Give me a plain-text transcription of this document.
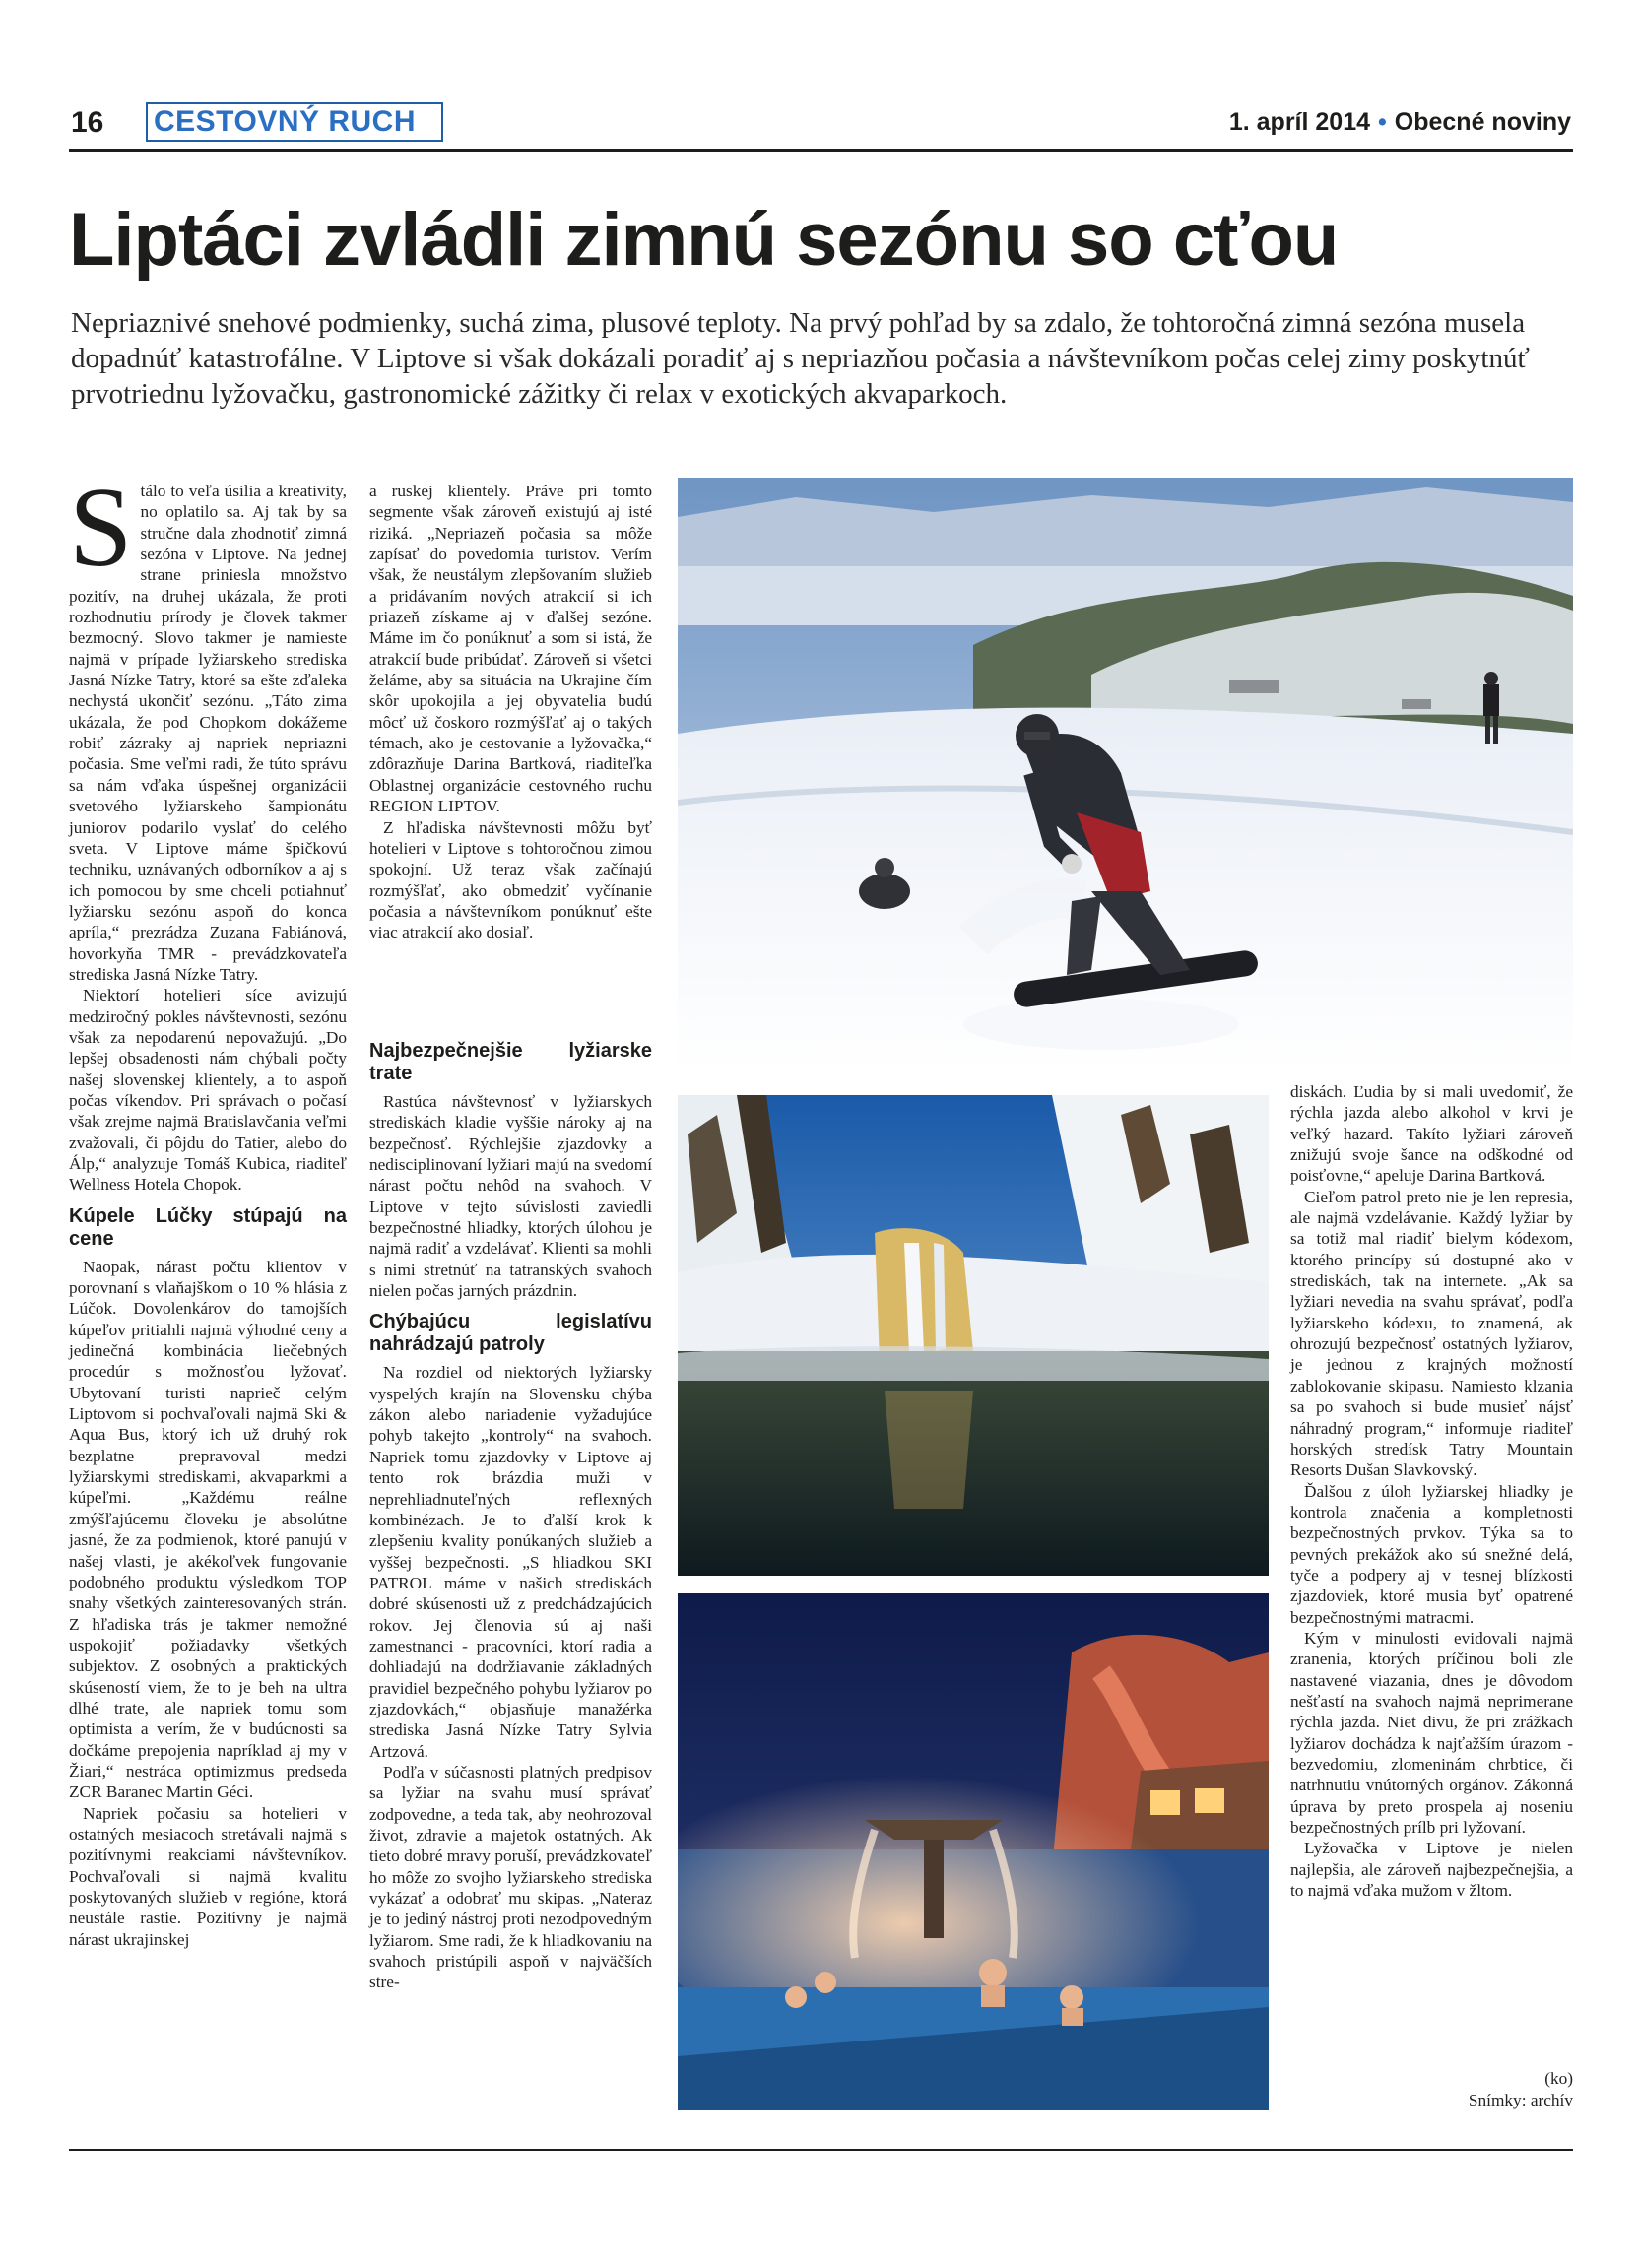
16 CESTOVNÝ RUCH	1. apríl 2014 • Obecné noviny
Liptáci zvládli zimnú sezónu so cťou

Nepriaznivé snehové podmienky, suchá zima, plusové teploty. Na prvý pohľad by sa zdalo, že tohtoročná zimná sezóna musela dopadnúť katastrofálne. V Liptove si však dokázali poradiť aj s nepriazňou počasia a návštevníkom počas celej zimy poskytnúť prvotriednu lyžovačku, gastronomické zážitky či relax v exotických akvaparkoch.

S tálo to veľa úsilia a kreativity, no oplatilo sa. Aj tak by sa stručne dala zhodnotiť zimná sezóna v Liptove. Na jednej strane priniesla množstvo pozitív, na druhej ukázala, že proti rozhodnutiu prírody je človek takmer bezmocný. Slovo takmer je namieste najmä v prípade lyžiarskeho strediska Jasná Nízke Tatry, ktoré sa ešte zďaleka nechystá ukončiť sezónu. „Táto zima ukázala, že pod Chopkom dokážeme robiť zázraky aj napriek nepriazni počasia. Sme veľmi radi, že túto správu sa nám vďaka úspešnej organizácii svetového lyžiarskeho šampionátu juniorov podarilo vyslať do celého sveta. V Liptove máme špičkovú techniku, uznávaných odborníkov a aj s ich pomocou by sme chceli potiahnuť lyžiarsku sezónu aspoň do konca apríla,“ prezrádza Zuzana Fabiánová, hovorkyňa TMR - prevádzkovateľa strediska Jasná Nízke Tatry.

Niektorí hotelieri síce avizujú medziročný pokles návštevnosti, sezónu však za nepodarenú nepovažujú. „Do lepšej obsadenosti nám chýbali počty našej slovenskej klientely, a to aspoň počas víkendov. Pri správach o počasí však zrejme najmä Bratislavčania veľmi zvažovali, či pôjdu do Tatier, alebo do Álp,“ analyzuje Tomáš Kubica, riaditeľ Wellness Hotela Chopok.

Kúpele Lúčky stúpajú na cene

Naopak, nárast počtu klientov v porovnaní s vlaňajškom o 10 % hlásia z Lúčok. Dovolenkárov do tamojších kúpeľov pritiahli najmä výhodné ceny a jedinečná kombinácia liečebných procedúr s možnosťou lyžovať. Ubytovaní turisti naprieč celým Liptovom si pochvaľovali najmä Ski & Aqua Bus, ktorý ich už druhý rok bezplatne prepravoval medzi lyžiarskymi strediskami, akvaparkmi a kúpeľmi. „Každému reálne zmýšľajúcemu človeku je absolútne jasné, že za podmienok, ktoré panujú v našej vlasti, je akékoľvek fungovanie podobného produktu výsledkom TOP snahy všetkých zainteresovaných strán. Z hľadiska trás je takmer nemožné uspokojiť požiadavky všetkých subjektov. Z osobných a praktických skúseností viem, že to je beh na ultra dlhé trate, ale napriek tomu som optimista a verím, že v budúcnosti sa dočkáme prepojenia napríklad aj my v Žiari,“ nestráca optimizmus predseda ZCR Baranec Martin Géci.

Napriek počasiu sa hotelieri v ostatných mesiacoch stretávali najmä s pozitívnymi reakciami návštevníkov. Pochvaľovali si najmä kvalitu poskytovaných služieb v regióne, ktorá neustále rastie. Pozitívny je najmä nárast ukrajinskej

a ruskej klientely. Práve pri tomto segmente však zároveň existujú aj isté riziká. „Nepriazeň počasia sa môže zapísať do povedomia turistov. Verím však, že neustálym zlepšovaním služieb a pridávaním nových atrakcií si ich priazeň získame aj v ďalšej sezóne. Máme im čo ponúknuť a som si istá, že atrakcií bude pribúdať. Zároveň si všetci želáme, aby sa situácia na Ukrajine čím skôr upokojila a jej obyvatelia budú môcť už čoskoro rozmýšľať aj o takých témach, ako je cestovanie a lyžovačka,“ zdôrazňuje Darina Bartková, riaditeľka Oblastnej organizácie cestovného ruchu REGION LIPTOV.

Z hľadiska návštevnosti môžu byť hotelieri v Liptove s tohtoročnou zimou spokojní. Už teraz však začínajú rozmýšľať, ako obmedziť vyčínanie počasia a návštevníkom ponúknuť ešte viac atrakcií ako dosiaľ.

Najbezpečnejšie lyžiarske trate

Rastúca návštevnosť v lyžiarskych strediskách kladie vyššie nároky aj na bezpečnosť. Rýchlejšie zjazdovky a nedisciplinovaní lyžiari majú na svedomí nárast počtu nehôd na svahoch. V Liptove v tejto súvislosti zaviedli bezpečnostné hliadky, ktorých úlohou je najmä radiť a vzdelávať. Klienti sa mohli s nimi stretnúť na tatranských svahoch nielen počas jarných prázdnin.

Chýbajúcu legislatívu nahrádzajú patroly

Na rozdiel od niektorých lyžiarsky vyspelých krajín na Slovensku chýba zákon alebo nariadenie vyžadujúce pohyb takejto „kontroly“ na svahoch. Napriek tomu zjazdovky v Liptove aj tento rok brázdia muži v neprehliadnuteľných reflexných kombinézach. Je to ďalší krok k zlepšeniu kvality ponúkaných služieb a vyššej bezpečnosti. „S hliadkou SKI PATROL máme v našich strediskách dobré skúsenosti už z predchádzajúcich rokov. Jej členovia sú aj naši zamestnanci - pracovníci, ktorí radia a dohliadajú na dodržiavanie základných pravidiel bezpečného pohybu lyžiarov po zjazdovkách,“ objasňuje manažérka strediska Jasná Nízke Tatry Sylvia Artzová.

Podľa v súčasnosti platných predpisov sa lyžiar na svahu musí správať zodpovedne, a teda tak, aby neohrozoval život, zdravie a majetok ostatných. Ak tieto dobré mravy poruší, prevádzkovateľ ho môže zo svojho lyžiarskeho strediska vykázať a odobrať mu skipas. „Nateraz je to jediný nástroj proti nezodpovedným lyžiarom. Sme radi, že k hliadkovaniu na svahoch pristúpili aspoň v najväčších stre-

diskách. Ľudia by si mali uvedomiť, že rýchla jazda alebo alkohol v krvi je veľký hazard. Takíto lyžiari zároveň znižujú svoje šance na odškodné od poisťovne,“ apeluje Darina Bartková.

Cieľom patrol preto nie je len represia, ale najmä vzdelávanie. Každý lyžiar by sa totiž mal riadiť bielym kódexom, ktorého princípy sú dostupné ako v strediskách, tak na internete. „Ak sa lyžiari nevedia na svahu správať, podľa lyžiarskeho kódexu, to znamená, ak ohrozujú bezpečnosť ostatných lyžiarov, je jednou z krajných možností zablokovanie skipasu. Namiesto klzania sa po svahoch si bude musieť nájsť náhradný program,“ informuje riaditeľ horských stredísk Tatry Mountain Resorts Dušan Slavkovský.

Ďalšou z úloh lyžiarskej hliadky je kontrola značenia a kompletnosti bezpečnostných prvkov. Týka sa to pevných prekážok ako sú snežné delá, tyče a podpery aj v tesnej blízkosti zjazdoviek, ktoré musia byť opatrené bezpečnostnými matracmi.

Kým v minulosti evidovali najmä zranenia, ktorých príčinou boli zle nastavené viazania, dnes je dôvodom nešťastí na svahoch najmä neprimerane rýchla jazda. Niet divu, že pri zrážkach lyžiarov dochádza k najťažším úrazom - bezvedomiu, zlomeninám chrbtice, či natrhnutiu vnútorných orgánov. Zákonná úprava by preto prospela aj noseniu bezpečnostných prílb pri lyžovaní.

Lyžovačka v Liptove je nielen najlepšia, ale zároveň najbezpečnejšia, a to najmä vďaka mužom v žltom.

(ko)
Snímky: archív
